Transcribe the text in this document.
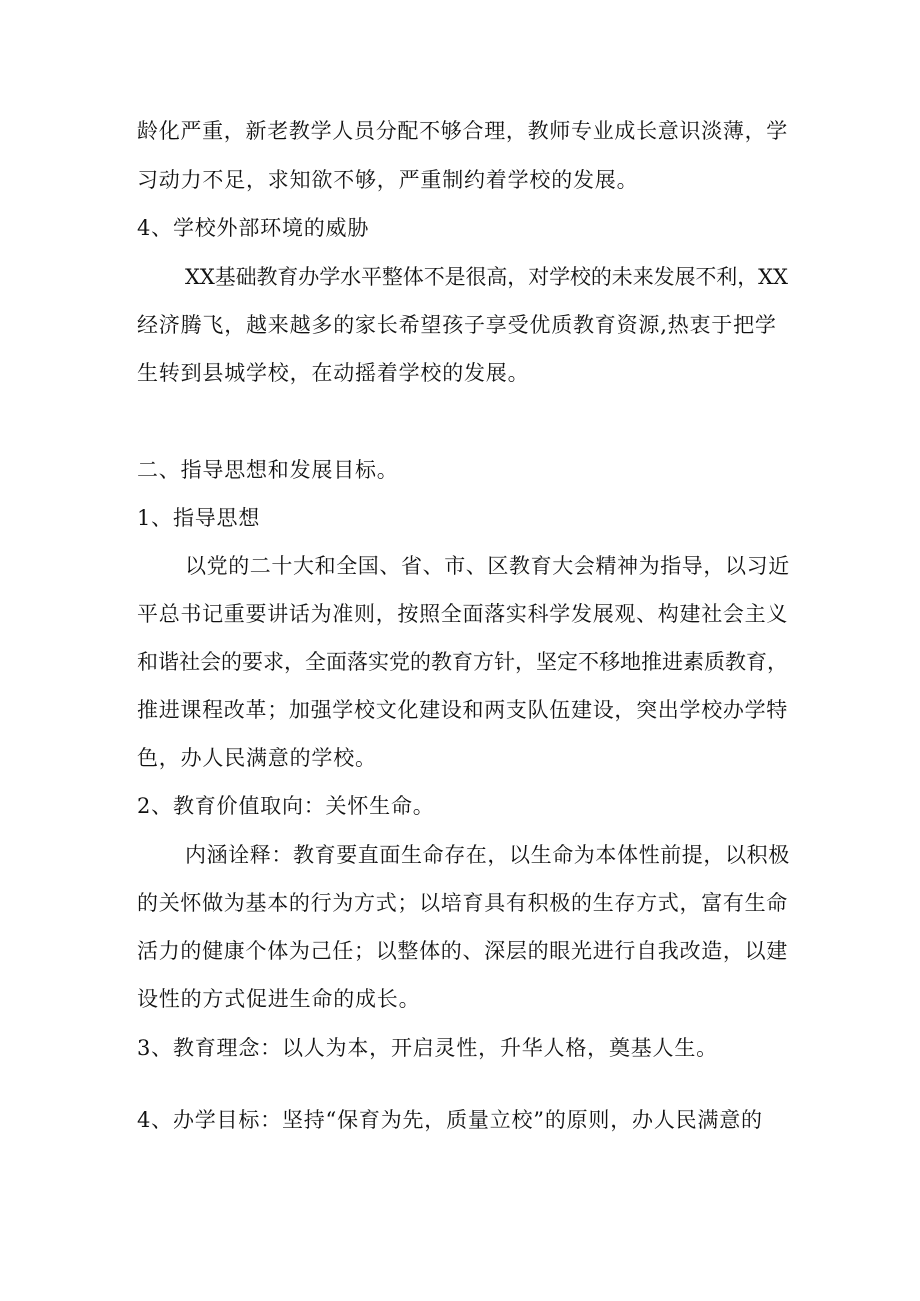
龄化严重，新老教学人员分配不够合理，教师专业成长意识淡薄，学
习动力不足，求知欲不够，严重制约着学校的发展。
4、学校外部环境的威胁
XX基础教育办学水平整体不是很高，对学校的未来发展不利，XX
经济腾飞，越来越多的家长希望孩子享受优质教育资源,热衷于把学
生转到县城学校，在动摇着学校的发展。
二、指导思想和发展目标。
1、指导思想
以党的二十大和全国、省、市、区教育大会精神为指导，以习近
平总书记重要讲话为准则，按照全面落实科学发展观、构建社会主义
和谐社会的要求，全面落实党的教育方针，坚定不移地推进素质教育，
推进课程改革；加强学校文化建设和两支队伍建设，突出学校办学特
色，办人民满意的学校。
2、教育价值取向：关怀生命。
内涵诠释：教育要直面生命存在，以生命为本体性前提，以积极
的关怀做为基本的行为方式；以培育具有积极的生存方式，富有生命
活力的健康个体为己任；以整体的、深层的眼光进行自我改造，以建
设性的方式促进生命的成长。
3、教育理念：以人为本，开启灵性，升华人格，奠基人生。
4、办学目标：坚持“保育为先，质量立校”的原则，办人民满意的
